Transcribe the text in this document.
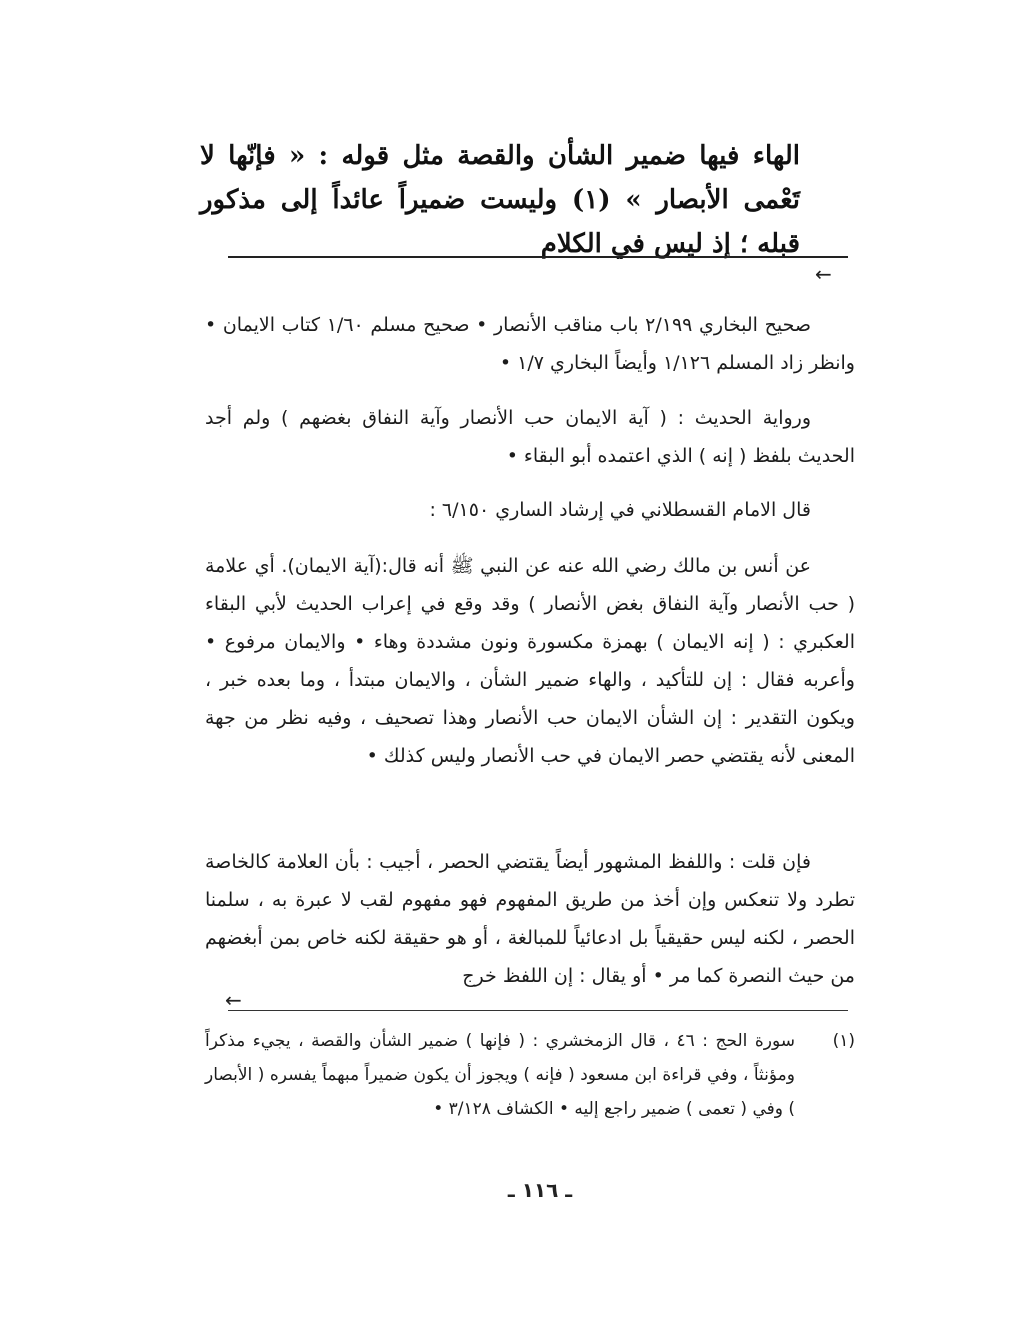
الهاء فيها ضمير الشأن والقصة مثل قوله : « فإنّها لا تَعْمى الأبصار » (١) وليست ضميراً عائداً إلى مذكور قبله ؛ إذ ليس في الكلام
←

صحيح البخاري ٢/١٩٩ باب مناقب الأنصار • صحيح مسلم ١/٦٠ كتاب الايمان • وانظر زاد المسلم ١/١٢٦ وأيضاً البخاري ١/٧ •

ورواية الحديث : ( آية الايمان حب الأنصار وآية النفاق بغضهم ) ولم أجد الحديث بلفظ ( إنه ) الذي اعتمده أبو البقاء •

قال الامام القسطلاني في إرشاد الساري ٦/١٥٠ :

عن أنس بن مالك رضي الله عنه عن النبي ﷺ أنه قال:(آية الايمان). أي علامة ( حب الأنصار وآية النفاق بغض الأنصار ) وقد وقع في إعراب الحديث لأبي البقاء العكبري : ( إنه الايمان ) بهمزة مكسورة ونون مشددة وهاء • والايمان مرفوع • وأعربه فقال : إن للتأكيد ، والهاء ضمير الشأن ، والايمان مبتدأ ، وما بعده خبر ، ويكون التقدير : إن الشأن الايمان حب الأنصار وهذا تصحيف ، وفيه نظر من جهة المعنى لأنه يقتضي حصر الايمان في حب الأنصار وليس كذلك •

فإن قلت : واللفظ المشهور أيضاً يقتضي الحصر ، أجيب : بأن العلامة كالخاصة تطرد ولا تنعكس وإن أخذ من طريق المفهوم فهو مفهوم لقب لا عبرة به ، سلمنا الحصر ، لكنه ليس حقيقياً بل ادعائياً للمبالغة ، أو هو حقيقة لكنه خاص بمن أبغضهم من حيث النصرة كما مر • أو يقال : إن اللفظ خرج

←
(١)
سورة الحج : ٤٦ ، قال الزمخشري : ( فإنها ) ضمير الشأن والقصة ، يجيء مذكراً ومؤنثاً ، وفي قراءة ابن مسعود ( فإنه ) ويجوز أن يكون ضميراً مبهماً يفسره ( الأبصار ) وفي ( تعمى ) ضمير راجع إليه • الكشاف ٣/١٢٨ •
ـ ١١٦ ـ
